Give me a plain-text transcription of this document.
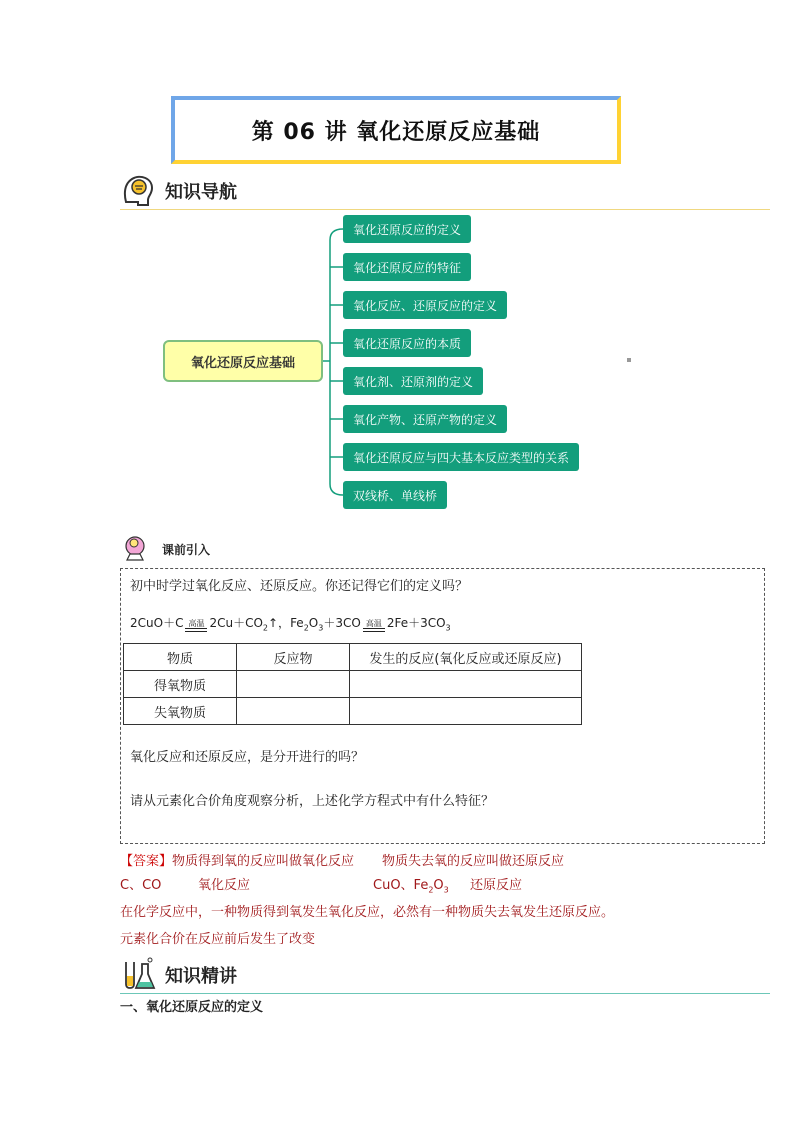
第 06 讲 氧化还原反应基础
知识导航
氧化还原反应基础
氧化还原反应的定义
氧化还原反应的特征
氧化反应、还原反应的定义
氧化还原反应的本质
氧化剂、还原剂的定义
氧化产物、还原产物的定义
氧化还原反应与四大基本反应类型的关系
双线桥、单线桥
课前引入
初中时学过氧化反应、还原反应。你还记得它们的定义吗？
2CuO＋C 高温 $2Cu+CO_2↑$，$Fe_2O_3+3CO$ 高温 $2Fe+3CO_3$
物质	反应物	发生的反应(氧化反应或还原反应)
得氧物质		
失氧物质		
氧化反应和还原反应，是分开进行的吗？
请从元素化合价角度观察分析，上述化学方程式中有什么特征？
【答案】物质得到氧的反应叫做氧化反应 物质失去氧的反应叫做还原反应
C、CO	氧化反应	CuO、$Fe_2O_3$ 还原反应
在化学反应中，一种物质得到氧发生氧化反应，必然有一种物质失去氧发生还原反应。
元素化合价在反应前后发生了改变
知识精讲
一、氧化还原反应的定义
